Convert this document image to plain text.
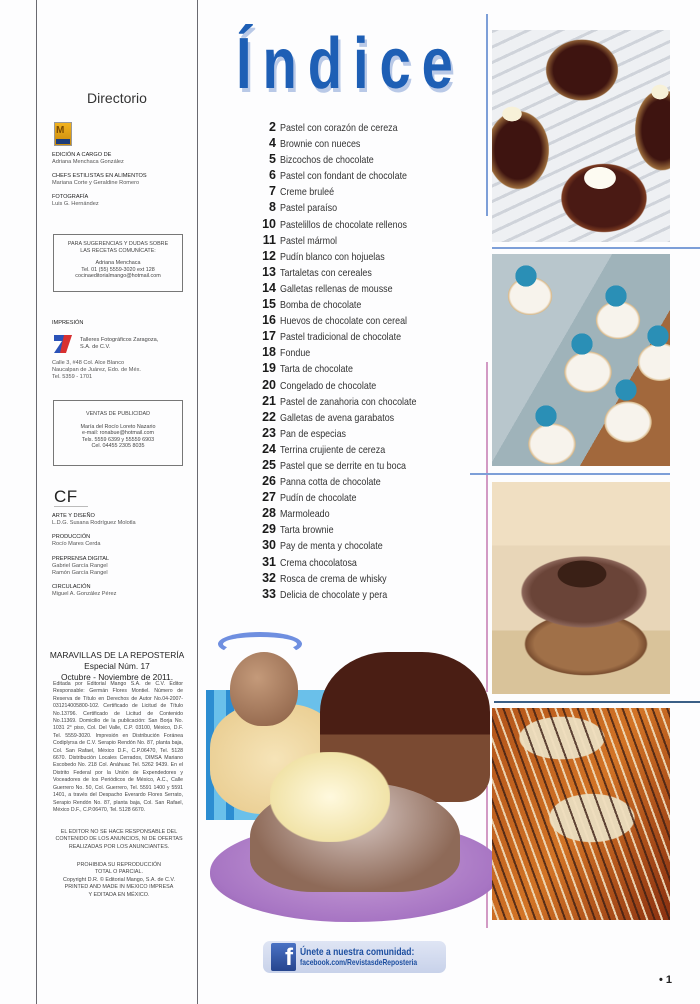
Directorio
M
EDICIÓN A CARGO DE
Adriana Menchaca González
CHEFS ESTILISTAS EN ALIMENTOS
Mariana Corte y Geraldine Romero
FOTOGRAFÍA
Luis G. Hernández
PARA SUGERENCIAS Y DUDAS SOBRE
LAS RECETAS COMUNÍCATE:
Adriana Menchaca
Tel. 01 (55) 5559-3020 ext 128
cocinaeditorialmango@hotmail.com
IMPRESIÓN
Talleres Fotográficos Zaragoza,
S.A. de C.V.
Calle 3, #48 Col. Alce Blanco
Naucalpan de Juárez, Edo. de Méx.
Tel. 5359 - 1701
VENTAS DE PUBLICIDAD
María del Rocío Loreto Nazario
e-mail: ronabue@hotmail.com
Tels. 5559 6399 y 55559 6903
Cel. 04455 2305 8035
CF
ARTE Y DISEÑO
L.D.G. Susana Rodríguez Molotla
PRODUCCIÓN
Rocío Mares Cerda
PREPRENSA DIGITAL
Gabriel García Rangel
Ramón García Rangel
CIRCULACIÓN
Miguel A. González Pérez
MARAVILLAS DE LA REPOSTERÍA
Especial Núm. 17
Octubre - Noviembre de 2011.
Editada por Editorial Mango S.A. de C.V. Editor Responsable: Germán Flores Montiel. Número de Reserva de Título en Derechos de Autor No.04-2007-031214005800-102. Certificado de Licitud de Título No.13796. Certificado de Licitud de Contenido No.11369. Domicilio de la publicación: San Borja No. 1031 2° piso, Col. Del Valle, C.P. 03100, México, D.F. Tel. 5559-3020. Impresión en Distribución Foránea Codiplyrsa de C.V. Serapio Rendón No. 87, planta baja, Col. San Rafael, México D.F., C.P.06470, Tel. 5128 6670. Distribución Locales Cerrados, DIMSA Mariano Escobedo No. 218 Col. Anáhuac Tel. 5262 9439. En el Distrito Federal por la Unión de Expendedores y Voceadores de los Periódicos de México, A.C., Calle Guerrero No. 50, Col. Guerrero, Tel. 5591 1400 y 5591 1401, a través del Despacho Everardo Flores Serrato, Serapio Rendón No. 87, planta baja, Col. San Rafael, México D.F., C.P.06470, Tel. 5128 6670.
EL EDITOR NO SE HACE RESPONSABLE DEL CONTENIDO DE LOS ANUNCIOS, NI DE OFERTAS REALIZADAS POR LOS ANUNCIANTES.
PROHIBIDA SU REPRODUCCIÓN
TOTAL O PARCIAL.
Copyright D.R. © Editorial Mango, S.A. de C.V.
PRINTED AND MADE IN MEXICO IMPRESA
Y EDITADA EN MÉXICO.
Índice
2 Pastel con corazón de cereza
4 Brownie con nueces
5 Bizcochos de chocolate
6 Pastel con fondant de chocolate
7 Creme bruleé
8 Pastel paraíso
10 Pastelillos de chocolate rellenos
11 Pastel mármol
12 Pudín blanco con hojuelas
13 Tartaletas con cereales
14 Galletas rellenas de mousse
15 Bomba de chocolate
16 Huevos de chocolate con cereal
17 Pastel tradicional de chocolate
18 Fondue
19 Tarta de chocolate
20 Congelado de chocolate
21 Pastel de zanahoria con chocolate
22 Galletas de avena garabatos
23 Pan de especias
24 Terrina crujiente de cereza
25 Pastel que se derrite en tu boca
26 Panna cotta de chocolate
27 Pudín de chocolate
28 Marmoleado
29 Tarta brownie
30 Pay de menta y chocolate
31 Crema chocolatosa
32 Rosca de crema de whisky
33 Delicia de chocolate y pera
f Únete a nuestra comunidad:
facebook.com/RevistasdeReposteria
• 1
